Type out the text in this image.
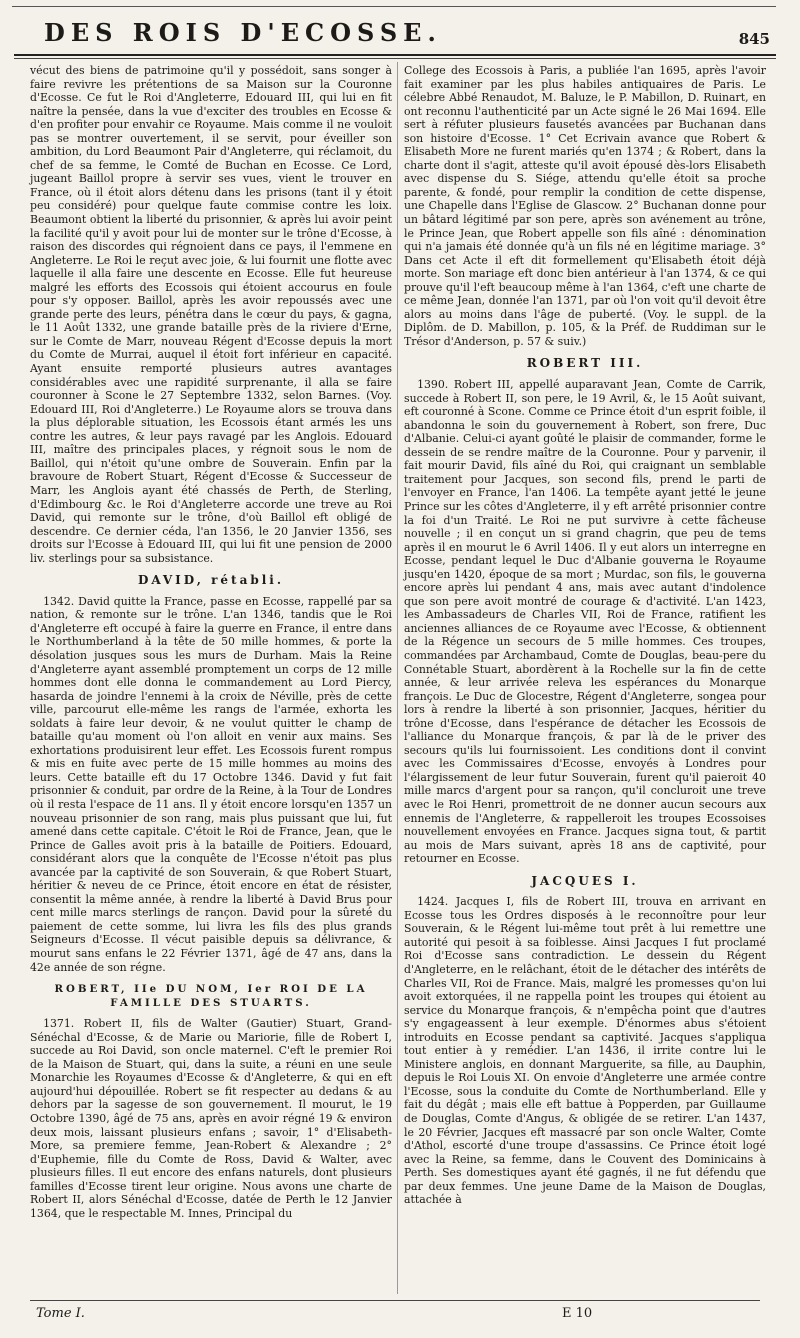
DES ROIS D'ECOSSE.	845

vécut des biens de patrimoine qu'il y possédoit, sans songer à faire revivre les prétentions de sa Maison sur la Couronne d'Ecosse. Ce fut le Roi d'Angleterre, Edouard III, qui lui en fit naître la pensée, dans la vue d'exciter des troubles en Ecosse & d'en profiter pour envahir ce Royaume. Mais comme il ne vouloit pas se montrer ouvertement, il se servit, pour éveiller son ambition, du Lord Beaumont Pair d'Angleterre, qui réclamoit, du chef de sa femme, le Comté de Buchan en Ecosse. Ce Lord, jugeant Baillol propre à servir ses vues, vient le trouver en France, où il étoit alors détenu dans les prisons (tant il y étoit peu considéré) pour quelque faute commise contre les loix. Beaumont obtient la liberté du prisonnier, & après lui avoir peint la facilité qu'il y avoit pour lui de monter sur le trône d'Ecosse, à raison des discordes qui régnoient dans ce pays, il l'emmene en Angleterre. Le Roi le reçut avec joie, & lui fournit une flotte avec laquelle il alla faire une descente en Ecosse. Elle fut heureuse malgré les efforts des Ecossois qui étoient accourus en foule pour s'y opposer. Baillol, après les avoir repoussés avec une grande perte des leurs, pénétra dans le cœur du pays, & gagna, le 11 Août 1332, une grande bataille près de la riviere d'Erne, sur le Comte de Marr, nouveau Régent d'Ecosse depuis la mort du Comte de Murrai, auquel il étoit fort inférieur en capacité. Ayant ensuite remporté plusieurs autres avantages considérables avec une rapidité surprenante, il alla se faire couronner à Scone le 27 Septembre 1332, selon Barnes. (Voy. Edouard III, Roi d'Angleterre.) Le Royaume alors se trouva dans la plus déplorable situation, les Ecossois étant armés les uns contre les autres, & leur pays ravagé par les Anglois. Edouard III, maître des principales places, y régnoit sous le nom de Baillol, qui n'étoit qu'une ombre de Souverain. Enfin par la bravoure de Robert Stuart, Régent d'Ecosse & Successeur de Marr, les Anglois ayant été chassés de Perth, de Sterling, d'Edimbourg &c. le Roi d'Angleterre accorde une treve au Roi David, qui remonte sur le trône, d'où Baillol eft obligé de descendre. Ce dernier céda, l'an 1356, le 20 Janvier 1356, ses droits sur l'Ecosse à Edouard III, qui lui fit une pension de 2000 liv. sterlings pour sa subsistance.

DAVID, rétabli.

1342. David quitte la France, passe en Ecosse, rappellé par sa nation, & remonte sur le trône. L'an 1346, tandis que le Roi d'Angleterre eft occupé à faire la guerre en France, il entre dans le Northumberland à la tête de 50 mille hommes, & porte la désolation jusques sous les murs de Durham. Mais la Reine d'Angleterre ayant assemblé promptement un corps de 12 mille hommes dont elle donna le commandement au Lord Piercy, hasarda de joindre l'ennemi à la croix de Néville, près de cette ville, parcourut elle-même les rangs de l'armée, exhorta les soldats à faire leur devoir, & ne voulut quitter le champ de bataille qu'au moment où l'on alloit en venir aux mains. Ses exhortations produisirent leur effet. Les Ecossois furent rompus & mis en fuite avec perte de 15 mille hommes au moins des leurs. Cette bataille eft du 17 Octobre 1346. David y fut fait prisonnier & conduit, par ordre de la Reine, à la Tour de Londres où il resta l'espace de 11 ans. Il y étoit encore lorsqu'en 1357 un nouveau prisonnier de son rang, mais plus puissant que lui, fut amené dans cette capitale. C'étoit le Roi de France, Jean, que le Prince de Galles avoit pris à la bataille de Poitiers. Edouard, considérant alors que la conquête de l'Ecosse n'étoit pas plus avancée par la captivité de son Souverain, & que Robert Stuart, héritier & neveu de ce Prince, étoit encore en état de résister, consentit la même année, à rendre la liberté à David Brus pour cent mille marcs sterlings de rançon. David pour la sûreté du paiement de cette somme, lui livra les fils des plus grands Seigneurs d'Ecosse. Il vécut paisible depuis sa délivrance, & mourut sans enfans le 22 Février 1371, âgé de 47 ans, dans la 42e année de son régne.

ROBERT, IIe DU NOM, Ier ROI DE LA FAMILLE DES STUARTS.

1371. Robert II, fils de Walter (Gautier) Stuart, Grand-Sénéchal d'Ecosse, & de Marie ou Mariorie, fille de Robert I, succede au Roi David, son oncle maternel. C'eft le premier Roi de la Maison de Stuart, qui, dans la suite, a réuni en une seule Monarchie les Royaumes d'Ecosse & d'Angleterre, & qui en eft aujourd'hui dépouillée. Robert se fit respecter au dedans & au dehors par la sagesse de son gouvernement. Il mourut, le 19 Octobre 1390, âgé de 75 ans, après en avoir régné 19 & environ deux mois, laissant plusieurs enfans ; savoir, 1° d'Elisabeth-More, sa premiere femme, Jean-Robert & Alexandre ; 2° d'Euphemie, fille du Comte de Ross, David & Walter, avec plusieurs filles. Il eut encore des enfans naturels, dont plusieurs familles d'Ecosse tirent leur origine. Nous avons une charte de Robert II, alors Sénéchal d'Ecosse, datée de Perth le 12 Janvier 1364, que le respectable M. Innes, Principal du

College des Ecossois à Paris, a publiée l'an 1695, après l'avoir fait examiner par les plus habiles antiquaires de Paris. Le célebre Abbé Renaudot, M. Baluze, le P. Mabillon, D. Ruinart, en ont reconnu l'authenticité par un Acte signé le 26 Mai 1694. Elle sert à réfuter plusieurs fausetés avancées par Buchanan dans son histoire d'Ecosse. 1° Cet Ecrivain avance que Robert & Elisabeth More ne furent mariés qu'en 1374 ; & Robert, dans la charte dont il s'agit, atteste qu'il avoit épousé dès-lors Elisabeth avec dispense du S. Siége, attendu qu'elle étoit sa proche parente, & fondé, pour remplir la condition de cette dispense, une Chapelle dans l'Eglise de Glascow. 2° Buchanan donne pour un bâtard légitimé par son pere, après son avénement au trône, le Prince Jean, que Robert appelle son fils aîné : dénomination qui n'a jamais été donnée qu'à un fils né en légitime mariage. 3° Dans cet Acte il eft dit formellement qu'Elisabeth étoit déjà morte. Son mariage eft donc bien antérieur à l'an 1374, & ce qui prouve qu'il l'eft beaucoup même à l'an 1364, c'eft une charte de ce même Jean, donnée l'an 1371, par où l'on voit qu'il devoit être alors au moins dans l'âge de puberté. (Voy. le suppl. de la Diplôm. de D. Mabillon, p. 105, & la Préf. de Ruddiman sur le Trésor d'Anderson, p. 57 & suiv.)

ROBERT III.

1390. Robert III, appellé auparavant Jean, Comte de Carrik, succede à Robert II, son pere, le 19 Avril, &, le 15 Août suivant, eft couronné à Scone. Comme ce Prince étoit d'un esprit foible, il abandonna le soin du gouvernement à Robert, son frere, Duc d'Albanie. Celui-ci ayant goûté le plaisir de commander, forme le dessein de se rendre maître de la Couronne. Pour y parvenir, il fait mourir David, fils aîné du Roi, qui craignant un semblable traitement pour Jacques, son second fils, prend le parti de l'envoyer en France, l'an 1406. La tempête ayant jetté le jeune Prince sur les côtes d'Angleterre, il y eft arrêté prisonnier contre la foi d'un Traité. Le Roi ne put survivre à cette fâcheuse nouvelle ; il en conçut un si grand chagrin, que peu de tems après il en mourut le 6 Avril 1406. Il y eut alors un interregne en Ecosse, pendant lequel le Duc d'Albanie gouverna le Royaume jusqu'en 1420, époque de sa mort ; Murdac, son fils, le gouverna encore après lui pendant 4 ans, mais avec autant d'indolence que son pere avoit montré de courage & d'activité. L'an 1423, les Ambassadeurs de Charles VII, Roi de France, ratifient les anciennes alliances de ce Royaume avec l'Ecosse, & obtiennent de la Régence un secours de 5 mille hommes. Ces troupes, commandées par Archambaud, Comte de Douglas, beau-pere du Connétable Stuart, abordèrent à la Rochelle sur la fin de cette année, & leur arrivée releva les espérances du Monarque françois. Le Duc de Glocestre, Régent d'Angleterre, songea pour lors à rendre la liberté à son prisonnier, Jacques, héritier du trône d'Ecosse, dans l'espérance de détacher les Ecossois de l'alliance du Monarque françois, & par là de le priver des secours qu'ils lui fournissoient. Les conditions dont il convint avec les Commissaires d'Ecosse, envoyés à Londres pour l'élargissement de leur futur Souverain, furent qu'il paieroit 40 mille marcs d'argent pour sa rançon, qu'il concluroit une treve avec le Roi Henri, promettroit de ne donner aucun secours aux ennemis de l'Angleterre, & rappelleroit les troupes Ecossoises nouvellement envoyées en France. Jacques signa tout, & partit au mois de Mars suivant, après 18 ans de captivité, pour retourner en Ecosse.

JACQUES I.

1424. Jacques I, fils de Robert III, trouva en arrivant en Ecosse tous les Ordres disposés à le reconnoître pour leur Souverain, & le Régent lui-même tout prêt à lui remettre une autorité qui pesoit à sa foiblesse. Ainsi Jacques I fut proclamé Roi d'Ecosse sans contradiction. Le dessein du Régent d'Angleterre, en le relâchant, étoit de le détacher des intérêts de Charles VII, Roi de France. Mais, malgré les promesses qu'on lui avoit extorquées, il ne rappella point les troupes qui étoient au service du Monarque françois, & n'empêcha point que d'autres s'y engageassent à leur exemple. D'énormes abus s'étoient introduits en Ecosse pendant sa captivité. Jacques s'appliqua tout entier à y remédier. L'an 1436, il irrite contre lui le Ministere anglois, en donnant Marguerite, sa fille, au Dauphin, depuis le Roi Louis XI. On envoie d'Angleterre une armée contre l'Ecosse, sous la conduite du Comte de Northumberland. Elle y fait du dégât ; mais elle eft battue à Popperden, par Guillaume de Douglas, Comte d'Angus, & obligée de se retirer. L'an 1437, le 20 Février, Jacques eft massacré par son oncle Walter, Comte d'Athol, escorté d'une troupe d'assassins. Ce Prince étoit logé avec la Reine, sa femme, dans le Couvent des Dominicains à Perth. Ses domestiques ayant été gagnés, il ne fut défendu que par deux femmes. Une jeune Dame de la Maison de Douglas, attachée à

Tome I.	E 10
